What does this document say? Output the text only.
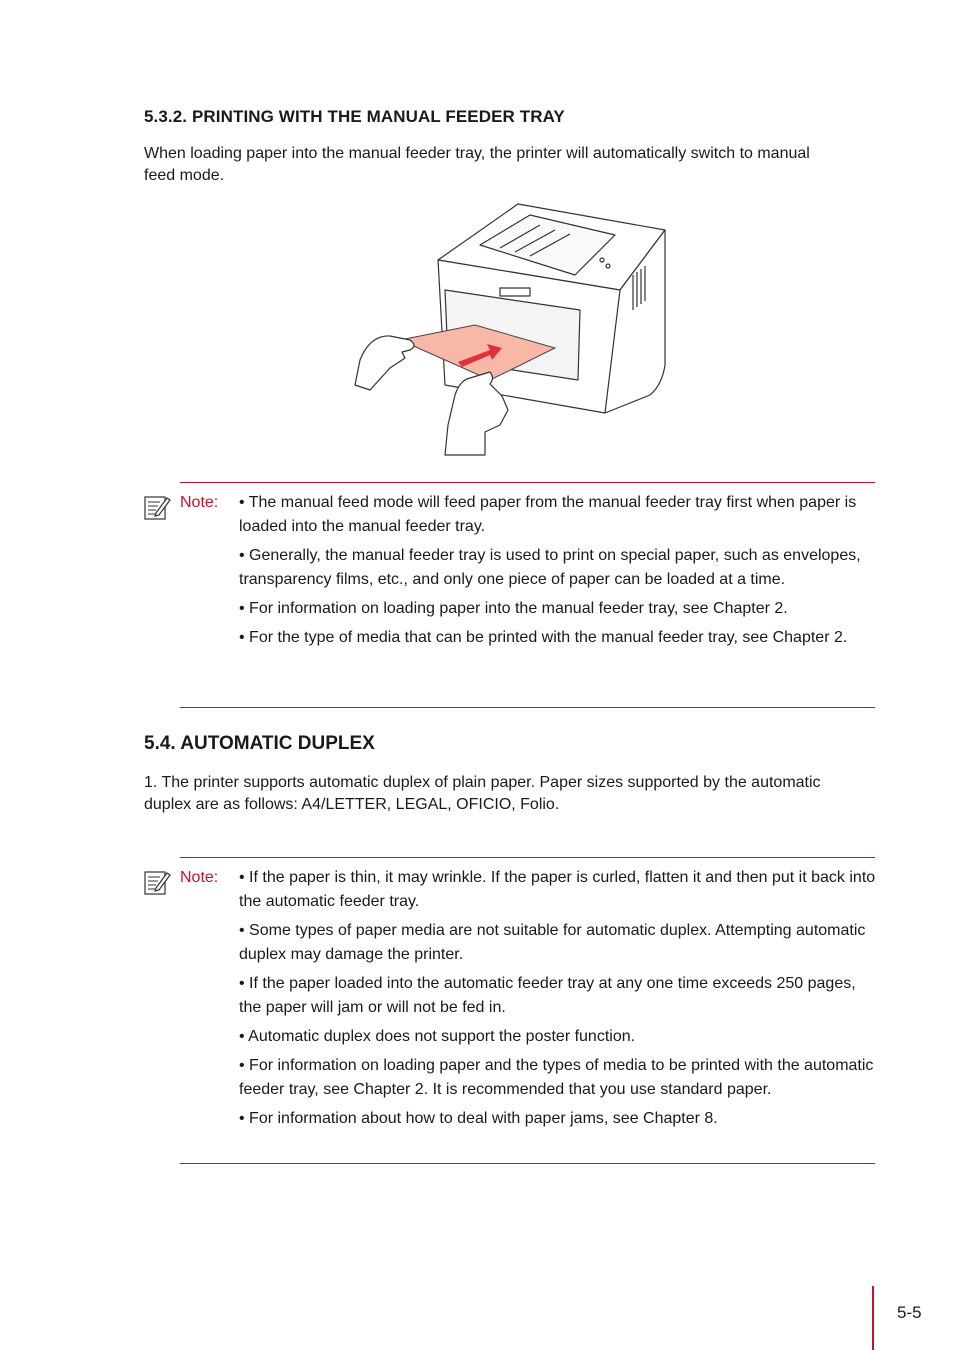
5.3.2. PRINTING WITH THE MANUAL FEEDER TRAY
When loading paper into the manual feeder tray, the printer will automatically switch to manual feed mode.
Note: • The manual feed mode will feed paper from the manual feeder tray first when paper is loaded into the manual feeder tray.

• Generally, the manual feeder tray is used to print on special paper, such as envelopes, transparency films, etc., and only one piece of paper can be loaded at a time.

• For information on loading paper into the manual feeder tray, see Chapter 2.

• For the type of media that can be printed with the manual feeder tray, see Chapter 2.

5.4. AUTOMATIC DUPLEX
1. The printer supports automatic duplex of plain paper. Paper sizes supported by the automatic duplex are as follows: A4/LETTER, LEGAL, OFICIO, Folio.
Note: • If the paper is thin, it may wrinkle. If the paper is curled, flatten it and then put it back into the automatic feeder tray.

• Some types of paper media are not suitable for automatic duplex. Attempting automatic duplex may damage the printer.

• If the paper loaded into the automatic feeder tray at any one time exceeds 250 pages, the paper will jam or will not be fed in.

• Automatic duplex does not support the poster function.

• For information on loading paper and the types of media to be printed with the automatic feeder tray, see Chapter 2. It is recommended that you use standard paper.

• For information about how to deal with paper jams, see Chapter 8.

5-5
